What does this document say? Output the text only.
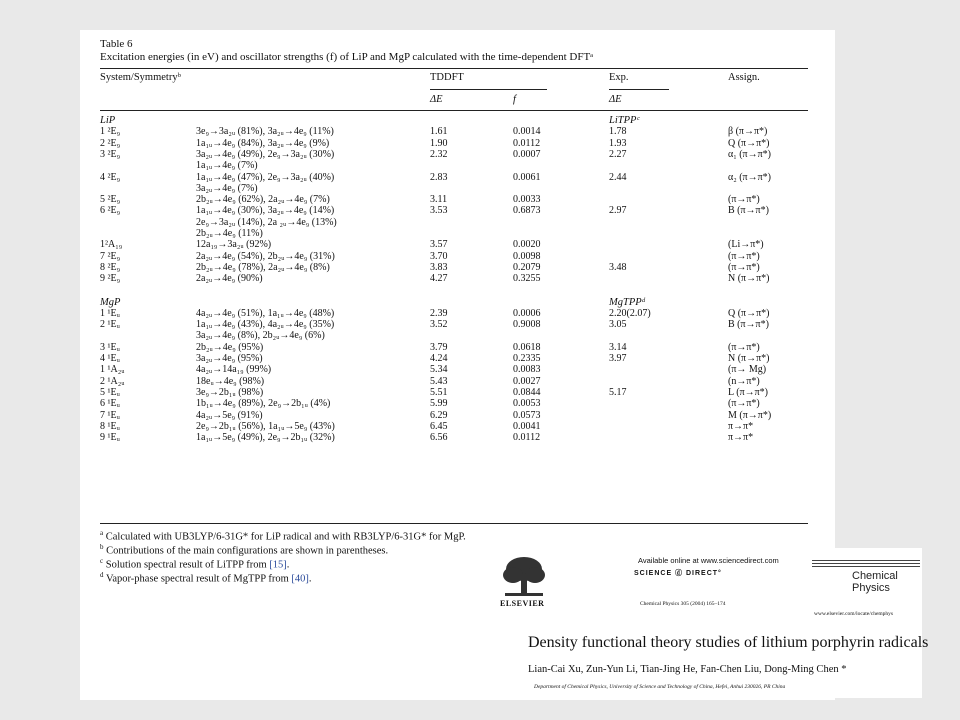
Table 6
Excitation energies (in eV) and oscillator strengths (f) of LiP and MgP calculated with the time-dependent DFTᵃ
System/Symmetryᵇ	TDDFT	Exp.	Assign.
ΔE	f	ΔE
LiP	LiTPPᶜ
1 ²E₉	3e₉→3a₂ᵤ (81%), 3a₂ᵤ→4e₉ (11%)	1.61	0.0014	1.78	β (π→π*)
2 ²E₉	1a₁ᵤ→4e₉ (84%), 3a₂ᵤ→4e₉ (9%)	1.90	0.0112	1.93	Q (π→π*)
3 ²E₉	3a₂ᵤ→4e₉ (49%), 2e₉→3a₂ᵤ (30%)	2.32	0.0007	2.27	α₁ (π→π*)
1a₁ᵤ→4e₉ (7%)
4 ²E₉	1a₁ᵤ→4e₉ (47%), 2e₉→3a₂ᵤ (40%)	2.83	0.0061	2.44	α₂ (π→π*)
3a₂ᵤ→4e₉ (7%)
5 ²E₉	2b₂ᵤ→4e₉ (62%), 2a₂ᵤ→4e₉ (7%)	3.11	0.0033	(π→π*)
6 ²E₉	1a₁ᵤ→4e₉ (30%), 3a₂ᵤ→4e₉ (14%)	3.53	0.6873	2.97	B (π→π*)
2e₉→3a₂ᵤ (14%), 2a ₂ᵤ→4e₉ (13%)
2b₂ᵤ→4e₉ (11%)
1²A₁₉	12a₁₉→3a₂ᵤ (92%)	3.57	0.0020	(Li→π*)
7 ²E₉	2a₂ᵤ→4e₉ (54%), 2b₂ᵤ→4e₉ (31%)	3.70	0.0098	(π→π*)
8 ²E₉	2b₂ᵤ→4e₉ (78%), 2a₂ᵤ→4e₉ (8%)	3.83	0.2079	3.48	(π→π*)
9 ²E₉	2a₂ᵤ→4e₉ (90%)	4.27	0.3255	N (π→π*)
MgP	MgTPPᵈ
1 ¹Eᵤ	4a₂ᵤ→4e₉ (51%), 1a₁ᵤ→4e₉ (48%)	2.39	0.0006	2.20(2.07)	Q (π→π*)
2 ¹Eᵤ	1a₁ᵤ→4e₉ (43%), 4a₂ᵤ→4e₉ (35%)	3.52	0.9008	3.05	B (π→π*)
3a₂ᵤ→4e₉ (8%), 2b₂ᵤ→4e₉ (6%)
3 ¹Eᵤ	2b₂ᵤ→4e₉ (95%)	3.79	0.0618	3.14	(π→π*)
4 ¹Eᵤ	3a₂ᵤ→4e₉ (95%)	4.24	0.2335	3.97	N (π→π*)
1 ¹A₂ᵤ	4a₂ᵤ→14a₁₉ (99%)	5.34	0.0083	(π→ Mg)
2 ¹A₂ᵤ	18eᵤ→4e₉ (98%)	5.43	0.0027	(n→π*)
5 ¹Eᵤ	3e₉→2b₁ᵤ (98%)	5.51	0.0844	5.17	L (π→π*)
6 ¹Eᵤ	1b₁ᵤ→4e₉ (89%), 2e₉→2b₁ᵤ (4%)	5.99	0.0053	(π→π*)
7 ¹Eᵤ	4a₂ᵤ→5e₉ (91%)	6.29	0.0573	M (π→π*)
8 ¹Eᵤ	2e₉→2b₁ᵤ (56%), 1a₁ᵤ→5e₉ (43%)	6.45	0.0041	π→π*
9 ¹Eᵤ	1a₁ᵤ→5e₉ (49%), 2e₉→2b₁ᵤ (32%)	6.56	0.0112	π→π*
$^a$ Calculated with UB3LYP/6-31G* for LiP radical and with RB3LYP/6-31G* for MgP.
$^b$ Contributions of the main configurations are shown in parentheses.
$^c$ Solution spectral result of LiTPP from [15].
$^d$ Vapor-phase spectral result of MgTPP from [40].
ELSEVIER
Available online at www.sciencedirect.com
SCIENCE ⓓ DIRECT°
Chemical Physics 305 (2004) 165–174
Chemical
Physics
www.elsevier.com/locate/chemphys
Density functional theory studies of lithium porphyrin radicals
Lian-Cai Xu, Zun-Yun Li, Tian-Jing He, Fan-Chen Liu, Dong-Ming Chen *
Department of Chemical Physics, University of Science and Technology of China, Hefei, Anhui 230026, PR China
